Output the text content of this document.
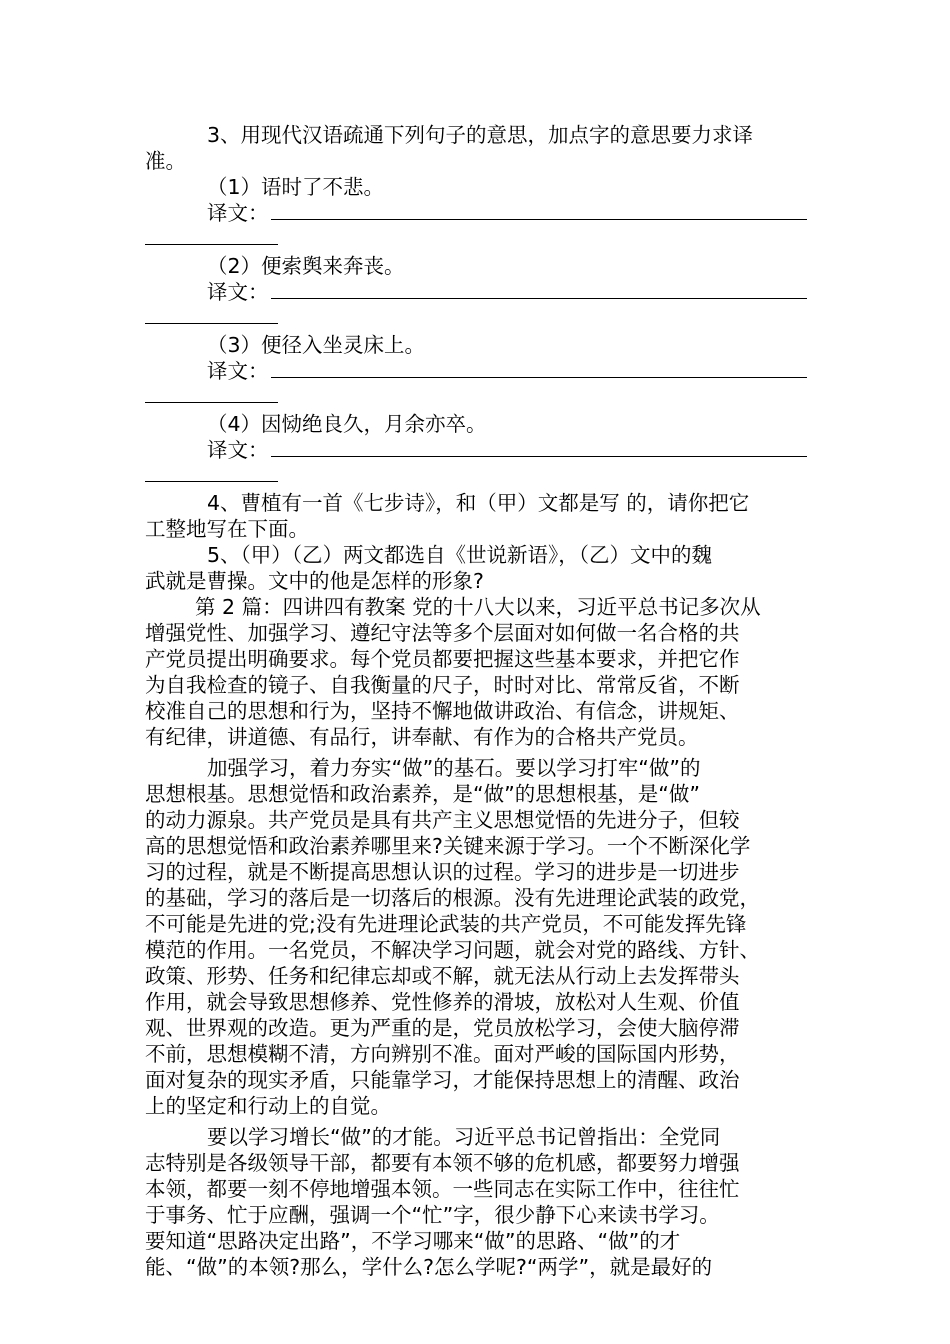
3、用现代汉语疏通下列句子的意思，加点字的意思要力求译

准。

（1）语时了不悲。

译文：

（2）便索舆来奔丧。

译文：

（3）便径入坐灵床上。

译文：

（4）因恸绝良久，月余亦卒。

译文：

4、曹植有一首《七步诗》，和（甲）文都是写 的，请你把它

工整地写在下面。

5、（甲）（乙）两文都选自《世说新语》，（乙）文中的魏

武就是曹操。文中的他是怎样的形象?

第 2 篇：四讲四有教案 党的十八大以来，习近平总书记多次从

增强党性、加强学习、遵纪守法等多个层面对如何做一名合格的共

产党员提出明确要求。每个党员都要把握这些基本要求，并把它作

为自我检查的镜子、自我衡量的尺子，时时对比、常常反省，不断

校准自己的思想和行为，坚持不懈地做讲政治、有信念，讲规矩、

有纪律，讲道德、有品行，讲奉献、有作为的合格共产党员。

加强学习，着力夯实“做”的基石。要以学习打牢“做”的

思想根基。思想觉悟和政治素养，是“做”的思想根基，是“做”

的动力源泉。共产党员是具有共产主义思想觉悟的先进分子，但较

高的思想觉悟和政治素养哪里来?关键来源于学习。一个不断深化学

习的过程，就是不断提高思想认识的过程。学习的进步是一切进步

的基础，学习的落后是一切落后的根源。没有先进理论武装的政党，

不可能是先进的党;没有先进理论武装的共产党员，不可能发挥先锋

模范的作用。一名党员，不解决学习问题，就会对党的路线、方针、

政策、形势、任务和纪律忘却或不解，就无法从行动上去发挥带头

作用，就会导致思想修养、党性修养的滑坡，放松对人生观、价值

观、世界观的改造。更为严重的是，党员放松学习，会使大脑停滞

不前，思想模糊不清，方向辨别不准。面对严峻的国际国内形势，

面对复杂的现实矛盾，只能靠学习，才能保持思想上的清醒、政治

上的坚定和行动上的自觉。

要以学习增长“做”的才能。习近平总书记曾指出：全党同

志特别是各级领导干部，都要有本领不够的危机感，都要努力增强

本领，都要一刻不停地增强本领。一些同志在实际工作中，往往忙

于事务、忙于应酬，强调一个“忙”字，很少静下心来读书学习。

要知道“思路决定出路”，不学习哪来“做”的思路、“做”的才

能、“做”的本领?那么，学什么?怎么学呢?“两学”，就是最好的
